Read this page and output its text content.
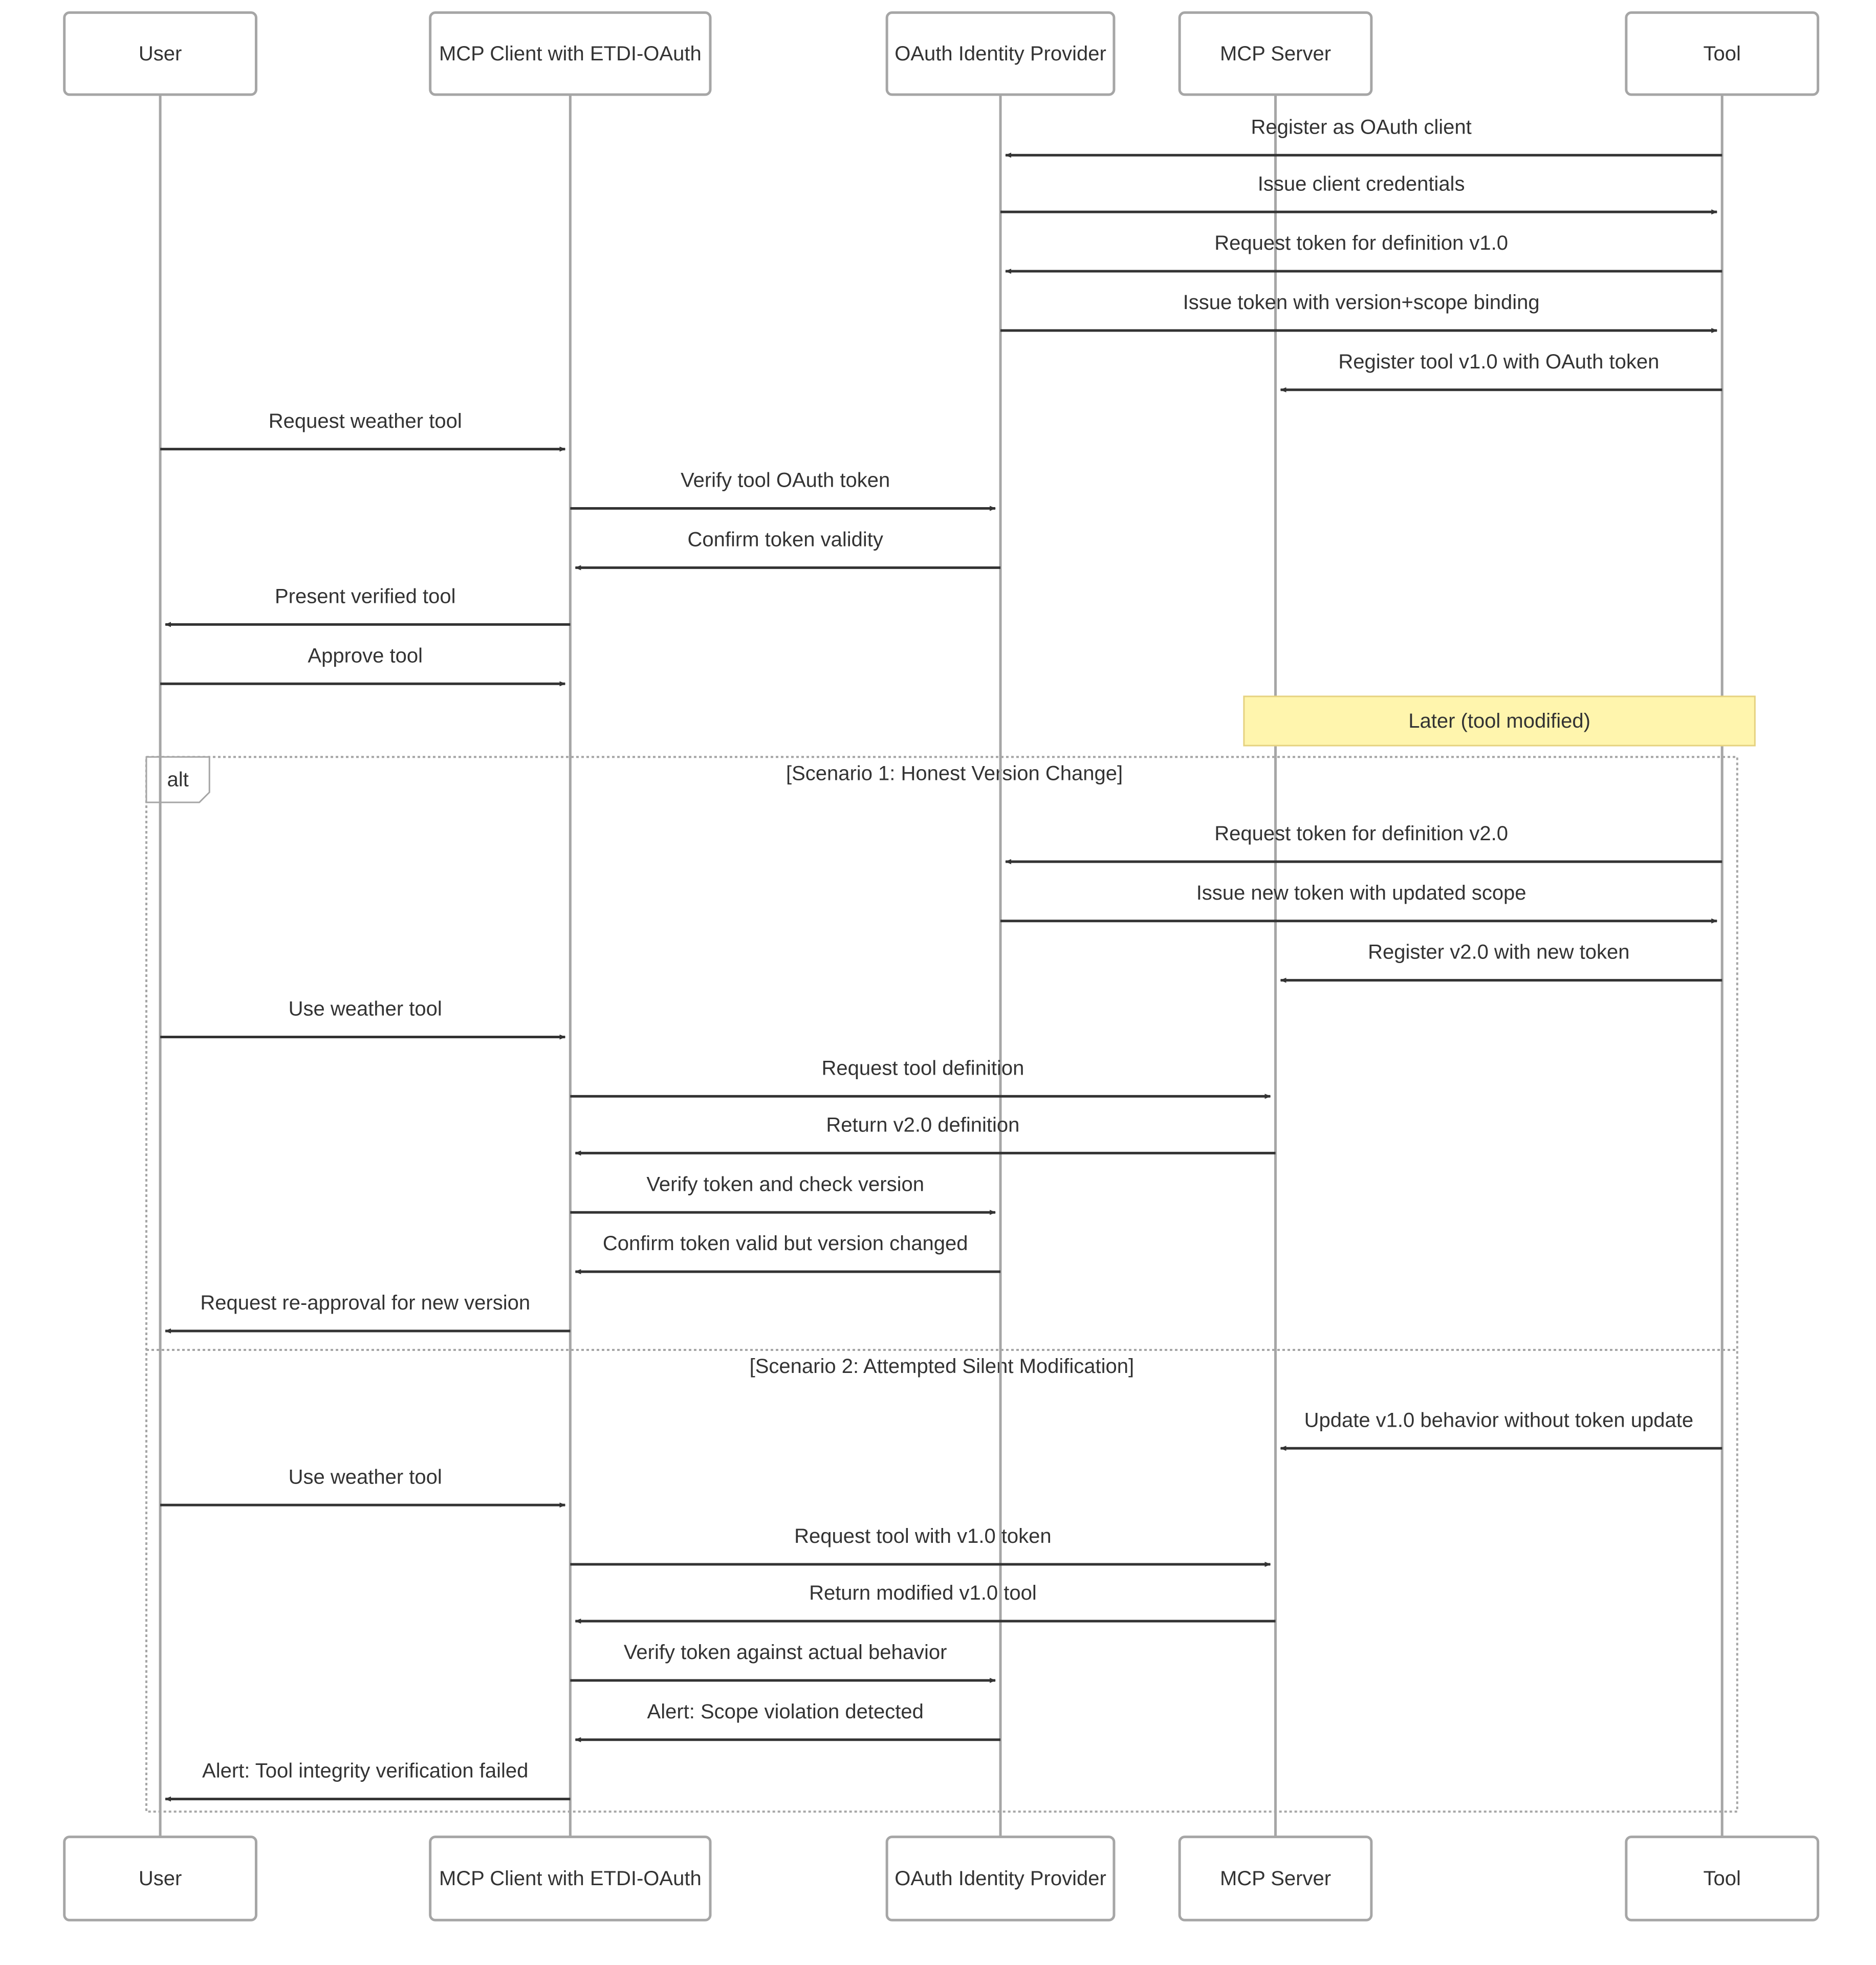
alt	[Scenario 1: Honest Version Change]
[Scenario 2: Attempted Silent Modification]
Later (tool modified)
Register as OAuth client
Issue client credentials
Request token for definition v1.0
Issue token with version+scope binding
Register tool v1.0 with OAuth token
Request weather tool
Verify tool OAuth token
Confirm token validity
Present verified tool
Approve tool
Request token for definition v2.0
Issue new token with updated scope
Register v2.0 with new token
Use weather tool
Request tool definition
Return v2.0 definition
Verify token and check version
Confirm token valid but version changed
Request re-approval for new version
Update v1.0 behavior without token update
Use weather tool
Request tool with v1.0 token
Return modified v1.0 tool
Verify token against actual behavior
Alert: Scope violation detected
Alert: Tool integrity verification failed
User
User
MCP Client with ETDI-OAuth
MCP Client with ETDI-OAuth
OAuth Identity Provider
OAuth Identity Provider
MCP Server
MCP Server
Tool
Tool
